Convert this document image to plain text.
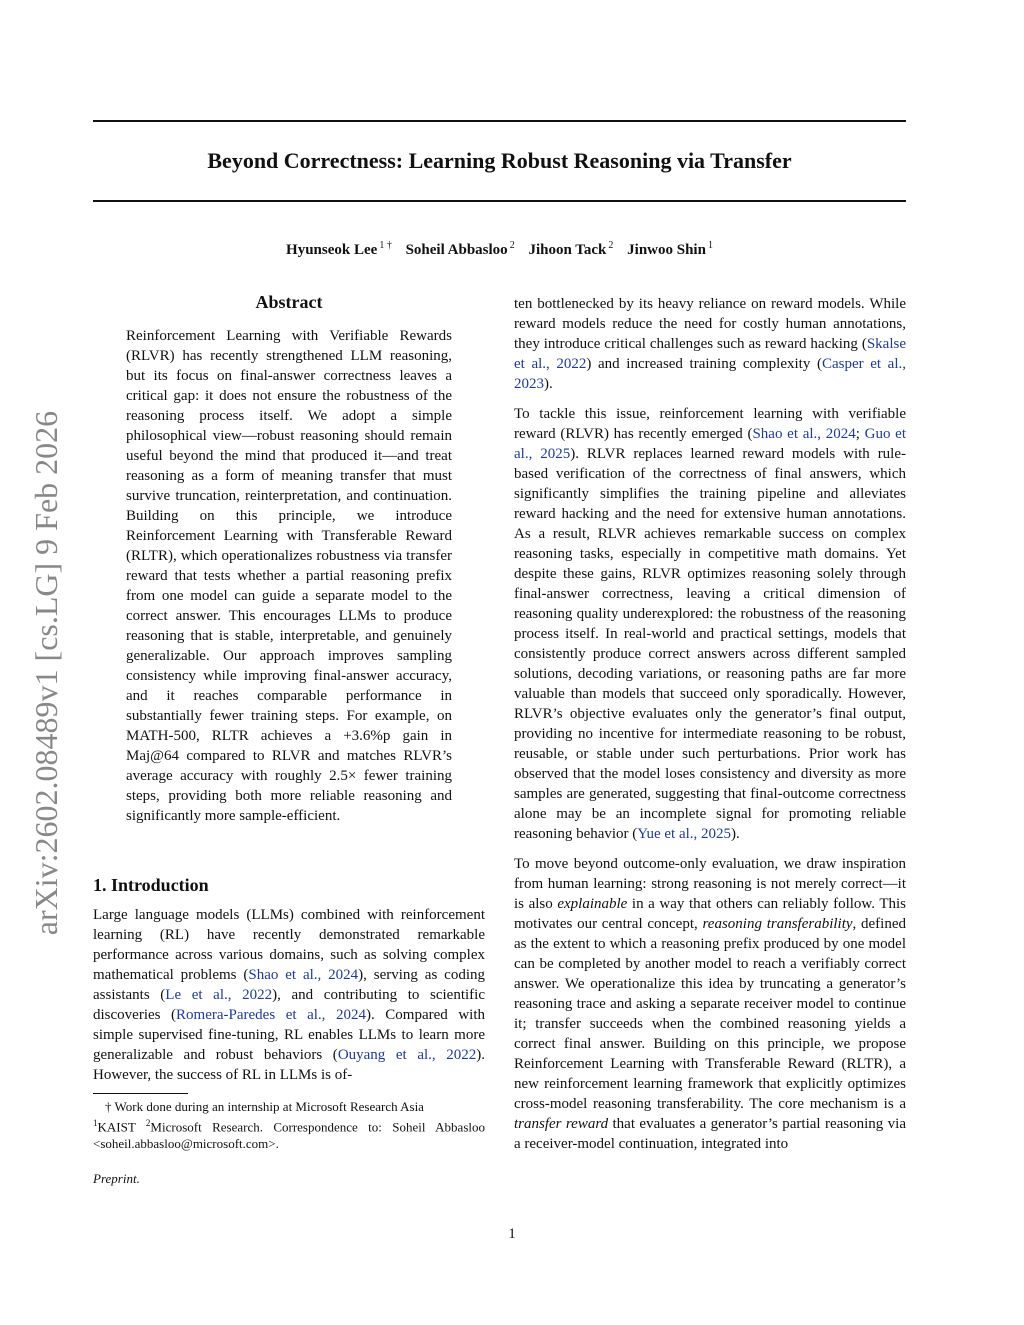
arXiv:2602.08489v1 [cs.LG] 9 Feb 2026
Beyond Correctness: Learning Robust Reasoning via Transfer
Hyunseok Lee $^{1 \dagger}$ Soheil Abbasloo $^2$ Jihoon Tack $^2$ Jinwoo Shin $^1$
Abstract

Reinforcement Learning with Verifiable Rewards (RLVR) has recently strengthened LLM reasoning, but its focus on final-answer correctness leaves a critical gap: it does not ensure the robustness of the reasoning process itself. We adopt a simple philosophical view—robust reasoning should remain useful beyond the mind that produced it—and treat reasoning as a form of meaning transfer that must survive truncation, reinterpretation, and continuation. Building on this principle, we introduce Reinforcement Learning with Transferable Reward (RLTR), which operationalizes robustness via transfer reward that tests whether a partial reasoning prefix from one model can guide a separate model to the correct answer. This encourages LLMs to produce reasoning that is stable, interpretable, and genuinely generalizable. Our approach improves sampling consistency while improving final-answer accuracy, and it reaches comparable performance in substantially fewer training steps. For example, on MATH-500, RLTR achieves a +3.6%p gain in Maj@64 compared to RLVR and matches RLVR’s average accuracy with roughly 2.5× fewer training steps, providing both more reliable reasoning and significantly more sample-efficient.

1. Introduction

Large language models (LLMs) combined with reinforcement learning (RL) have recently demonstrated remarkable performance across various domains, such as solving complex mathematical problems (Shao et al., 2024), serving as coding assistants (Le et al., 2022), and contributing to scientific discoveries (Romera-Paredes et al., 2024). Compared with simple supervised fine-tuning, RL enables LLMs to learn more generalizable and robust behaviors (Ouyang et al., 2022). However, the success of RL in LLMs is of-

† Work done during an internship at Microsoft Research Asia

$^1$KAIST $^2$Microsoft Research. Correspondence to: Soheil Abbasloo <soheil.abbasloo@microsoft.com>.

Preprint.

ten bottlenecked by its heavy reliance on reward models. While reward models reduce the need for costly human annotations, they introduce critical challenges such as reward hacking (Skalse et al., 2022) and increased training complexity (Casper et al., 2023).

To tackle this issue, reinforcement learning with verifiable reward (RLVR) has recently emerged (Shao et al., 2024; Guo et al., 2025). RLVR replaces learned reward models with rule-based verification of the correctness of final answers, which significantly simplifies the training pipeline and alleviates reward hacking and the need for extensive human annotations. As a result, RLVR achieves remarkable success on complex reasoning tasks, especially in competitive math domains. Yet despite these gains, RLVR optimizes reasoning solely through final-answer correctness, leaving a critical dimension of reasoning quality underexplored: the robustness of the reasoning process itself. In real-world and practical settings, models that consistently produce correct answers across different sampled solutions, decoding variations, or reasoning paths are far more valuable than models that succeed only sporadically. However, RLVR’s objective evaluates only the generator’s final output, providing no incentive for intermediate reasoning to be robust, reusable, or stable under such perturbations. Prior work has observed that the model loses consistency and diversity as more samples are generated, suggesting that final-outcome correctness alone may be an incomplete signal for promoting reliable reasoning behavior (Yue et al., 2025).

To move beyond outcome-only evaluation, we draw inspiration from human learning: strong reasoning is not merely correct—it is also explainable in a way that others can reliably follow. This motivates our central concept, reasoning transferability, defined as the extent to which a reasoning prefix produced by one model can be completed by another model to reach a verifiably correct answer. We operationalize this idea by truncating a generator’s reasoning trace and asking a separate receiver model to continue it; transfer succeeds when the combined reasoning yields a correct final answer. Building on this principle, we propose Reinforcement Learning with Transferable Reward (RLTR), a new reinforcement learning framework that explicitly optimizes cross-model reasoning transferability. The core mechanism is a transfer reward that evaluates a generator’s partial reasoning via a receiver-model continuation, integrated into

1
